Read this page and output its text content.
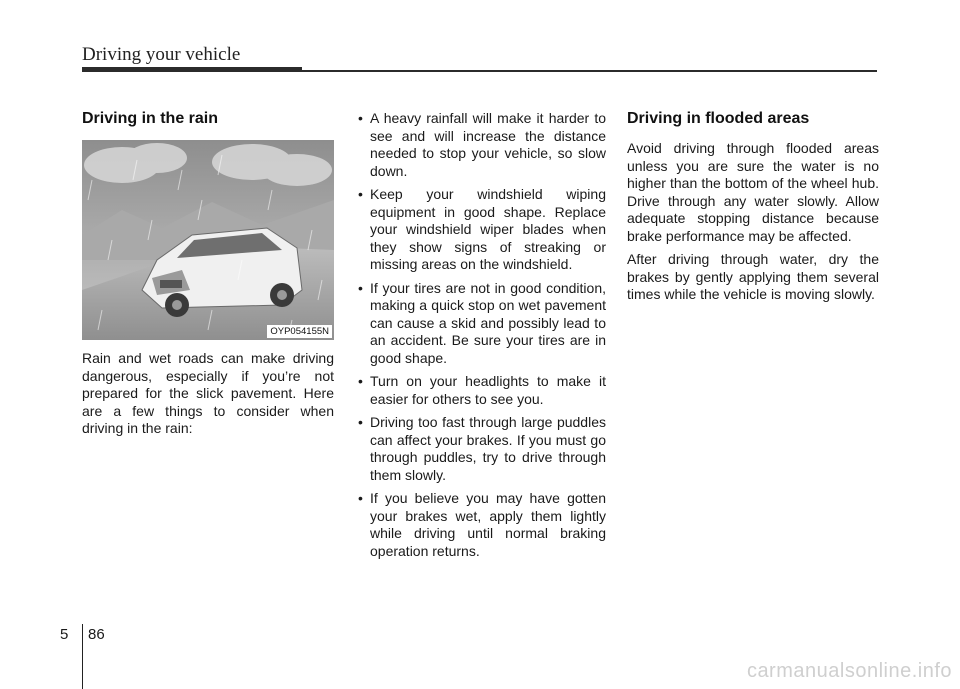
Driving your vehicle
Driving in the rain
OYP054155N

Rain and wet roads can make driving dangerous, especially if you’re not prepared for the slick pavement. Here are a few things to consider when driving in the rain:

• A heavy rainfall will make it harder to see and will increase the distance needed to stop your vehicle, so slow down.
• Keep your windshield wiping equipment in good shape. Replace your windshield wiper blades when they show signs of streaking or missing areas on the windshield.
• If your tires are not in good condition, making a quick stop on wet pavement can cause a skid and possibly lead to an accident. Be sure your tires are in good shape.
• Turn on your headlights to make it easier for others to see you.
• Driving too fast through large puddles can affect your brakes. If you must go through puddles, try to drive through them slowly.
• If you believe you may have gotten your brakes wet, apply them lightly while driving until normal braking operation returns.
Driving in flooded areas

Avoid driving through flooded areas unless you are sure the water is no higher than the bottom of the wheel hub. Drive through any water slowly. Allow adequate stopping distance because brake performance may be affected.

After driving through water, dry the brakes by gently applying them several times while the vehicle is moving slowly.

5 86
carmanualsonline.info
